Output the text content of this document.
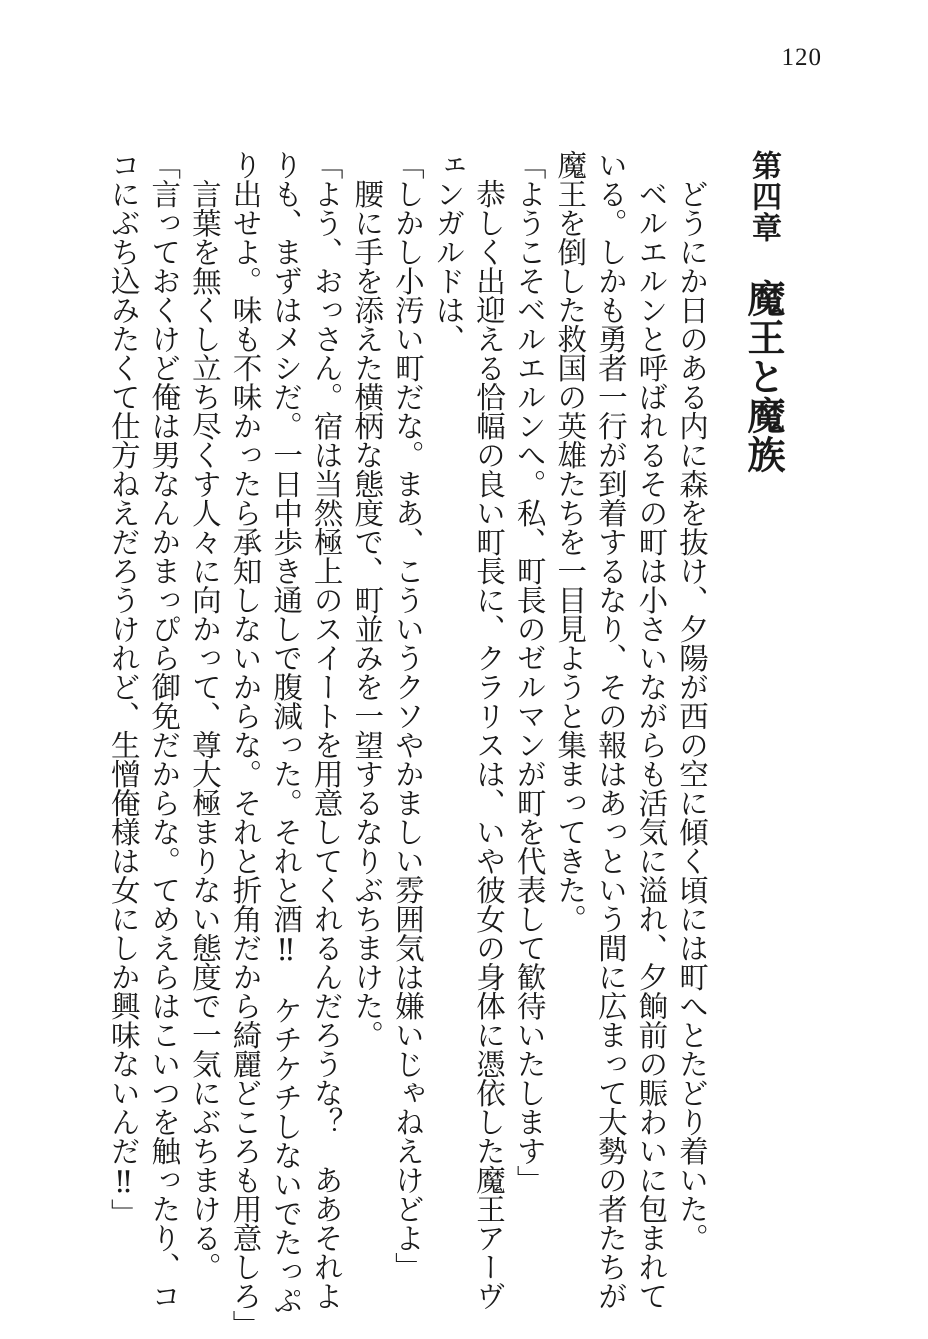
120
第四章魔王と魔族
　どうにか日のある内に森を抜け、夕陽が西の空に傾く頃には町へとたどり着いた。
　ベルエルンと呼ばれるその町は小さいながらも活気に溢れ、夕餉前の賑わいに包まれて
いる。しかも勇者一行が到着するなり、その報はあっという間に広まって大勢の者たちが
魔王を倒した救国の英雄たちを一目見ようと集まってきた。
「ようこそベルエルンへ。私、町長のゼルマンが町を代表して歓待いたします」
　恭しく出迎える恰幅の良い町長に、クラリスは、いや彼女の身体に憑依した魔王アーヴ
ェンガルドは、
「しかし小汚い町だな。まあ、こういうクソやかましい雰囲気は嫌いじゃねえけどよ」
　腰に手を添えた横柄な態度で、町並みを一望するなりぶちまけた。
「よう、おっさん。宿は当然極上のスイートを用意してくれるんだろうな？　ああそれよ
りも、まずはメシだ。一日中歩き通しで腹減った。それと酒‼　ケチケチしないでたっぷ
り出せよ。味も不味かったら承知しないからな。それと折角だから綺麗どころも用意しろ」
　言葉を無くし立ち尽くす人々に向かって、尊大極まりない態度で一気にぶちまける。
「言っておくけど俺は男なんかまっぴら御免だからな。てめえらはこいつを触ったり、コ
コにぶち込みたくて仕方ねえだろうけれど、生憎俺様は女にしか興味ないんだ‼」
